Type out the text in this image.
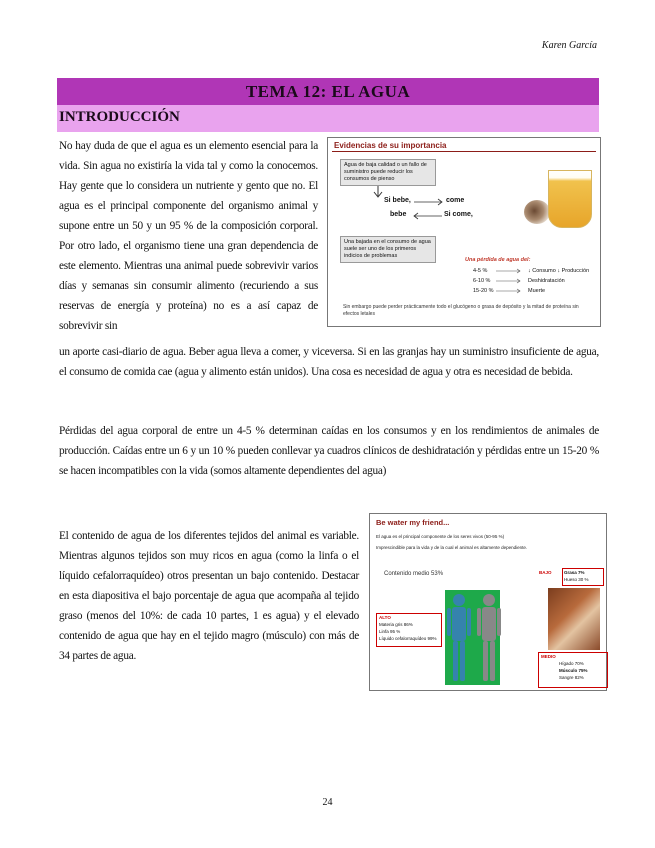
Karen García
TEMA 12: EL AGUA
INTRODUCCIÓN
No hay duda de que el agua es un elemento esencial para la vida. Sin agua no existiría la vida tal y como la conocemos. Hay gente que lo considera un nutriente y gento que no. El agua es el principal componente del organismo animal y supone entre un 50 y un 95 % de la composición corporal. Por otro lado, el organismo tiene una gran dependencia de este elemento. Mientras una animal puede sobrevivir varios días y semanas sin consumir alimento (recuriendo a sus reservas de energía y proteína) no es a así capaz de sobrevivir sin
un aporte casi-diario de agua. Beber agua lleva a comer, y viceversa. Si en las granjas hay un suministro insuficiente de agua, el consumo de comida cae (agua y alimento están unidos). Una cosa es necesidad de agua y otra es necesidad de bebida.
Pérdidas del agua corporal de entre un 4-5 % determinan caídas en los consumos y en los rendimientos de animales de producción. Caídas entre un 6 y un 10 % pueden conllevar ya cuadros clínicos de deshidratación y pérdidas entre un 15-20 % se hacen incompatibles con la vida (somos altamente dependientes del agua)
El contenido de agua de los diferentes tejidos del animal es variable. Mientras algunos tejidos son muy ricos en agua (como la linfa o el líquido cefalorraquídeo) otros presentan un bajo contenido. Destacar en esta diapositiva el bajo porcentaje de agua que acompaña al tejido graso (menos del 10%: de cada 10 partes, 1 es agua) y el elevado contenido de agua que hay en el tejido magro (músculo) con más de 34 partes de agua.
Evidencias de su importancia
Agua de baja calidad o un fallo de suministro puede reducir los consumos de pienso
Si bebe,	come
bebe	Si come,
Una bajada en el consumo de agua suele ser uno de los primeros indicios de problemas
Una pérdida de agua del:
4-5 %	↓ Consumo ↓ Producción
6-10 %	Deshidratación
15-20 %	Muerte
Sin embargo puede perder prácticamente todo el glucógeno o grasa de depósito y la mitad de proteína sin efectos letales
Be water my friend...
El agua es el principal componente de los seres vivos (50-95 %)
Imprescindible para la vida y de la cual el animal es altamente dependiente.
Contenido medio 53%	BAJO	Grasa 7%
Hueso 30 %
ALTO
Materia gris 86%
Linfa 95 %
Líquido cefalorraquídeo 99%
MEDIO
Hígado 70%
Músculo 75%
Sangre 82%
24
